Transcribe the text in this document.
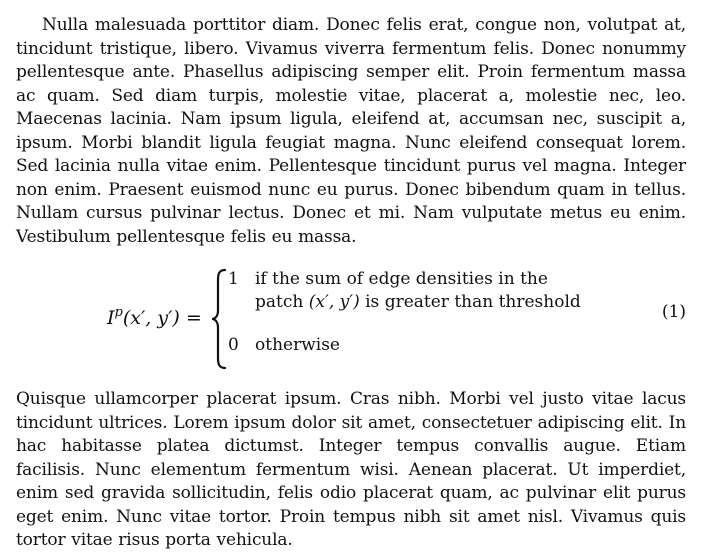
Nulla malesuada porttitor diam. Donec felis erat, congue non, volutpat at, tincidunt tristique, libero. Vivamus viverra fermentum felis. Donec nonummy pellentesque ante. Phasellus adipiscing semper elit. Proin fermentum massa ac quam. Sed diam turpis, molestie vitae, placerat a, molestie nec, leo. Maecenas lacinia. Nam ipsum ligula, eleifend at, accumsan nec, suscipit a, ipsum. Morbi blandit ligula feugiat magna. Nunc eleifend consequat lorem. Sed lacinia nulla vitae enim. Pellentesque tincidunt purus vel magna. Integer non enim. Praesent euismod nunc eu purus. Donec bibendum quam in tellus. Nullam cursus pulvinar lectus. Donec et mi. Nam vulputate metus eu enim. Vestibulum pellentesque felis eu massa.

$I^p(x'$, y′) =
1 if the sum of edge densities in the
patch (x′, y′) is greater than threshold
0 otherwise
(1)

Quisque ullamcorper placerat ipsum. Cras nibh. Morbi vel justo vitae lacus tincidunt ultrices. Lorem ipsum dolor sit amet, consectetuer adipiscing elit. In hac habitasse platea dictumst. Integer tempus convallis augue. Etiam facilisis. Nunc elementum fermentum wisi. Aenean placerat. Ut imperdiet, enim sed gravida sollicitudin, felis odio placerat quam, ac pulvinar elit purus eget enim. Nunc vitae tortor. Proin tempus nibh sit amet nisl. Vivamus quis tortor vitae risus porta vehicula.
